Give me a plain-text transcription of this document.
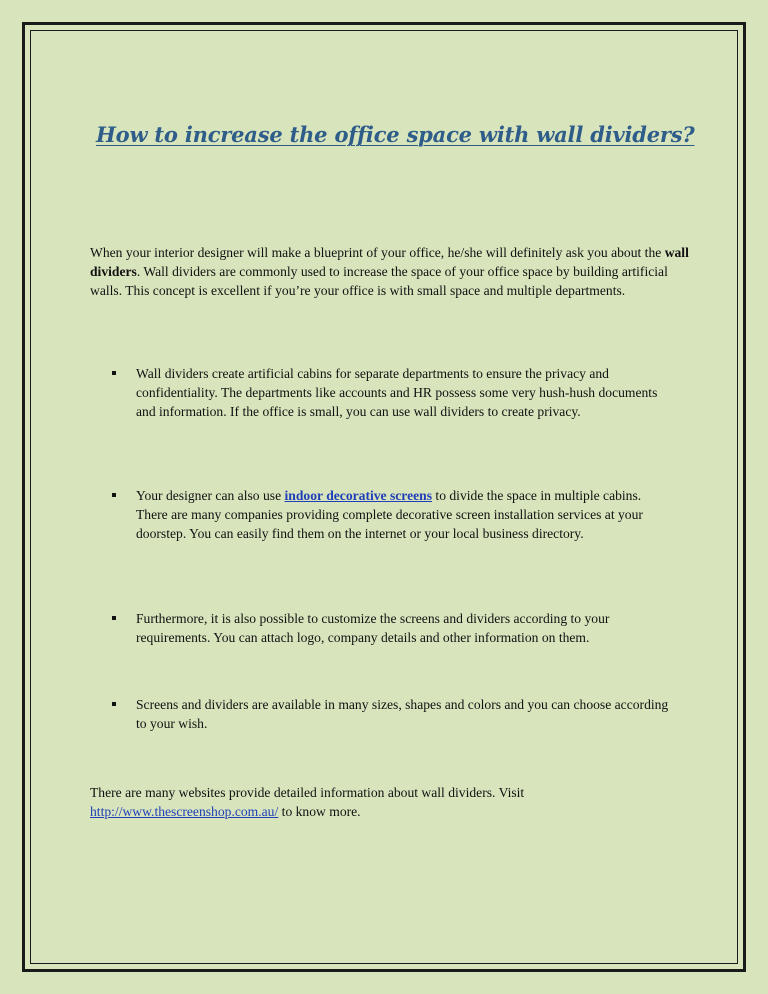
How to increase the office space with wall dividers?

When your interior designer will make a blueprint of your office, he/she will definitely ask you about the wall dividers. Wall dividers are commonly used to increase the space of your office space by building artificial walls. This concept is excellent if you’re your office is with small space and multiple departments.

Wall dividers create artificial cabins for separate departments to ensure the privacy and confidentiality. The departments like accounts and HR possess some very hush-hush documents and information. If the office is small, you can use wall dividers to create privacy.
Your designer can also use indoor decorative screens to divide the space in multiple cabins. There are many companies providing complete decorative screen installation services at your doorstep. You can easily find them on the internet or your local business directory.
Furthermore, it is also possible to customize the screens and dividers according to your requirements. You can attach logo, company details and other information on them.
Screens and dividers are available in many sizes, shapes and colors and you can choose according to your wish.

There are many websites provide detailed information about wall dividers. Visit http://www.thescreenshop.com.au/ to know more.
